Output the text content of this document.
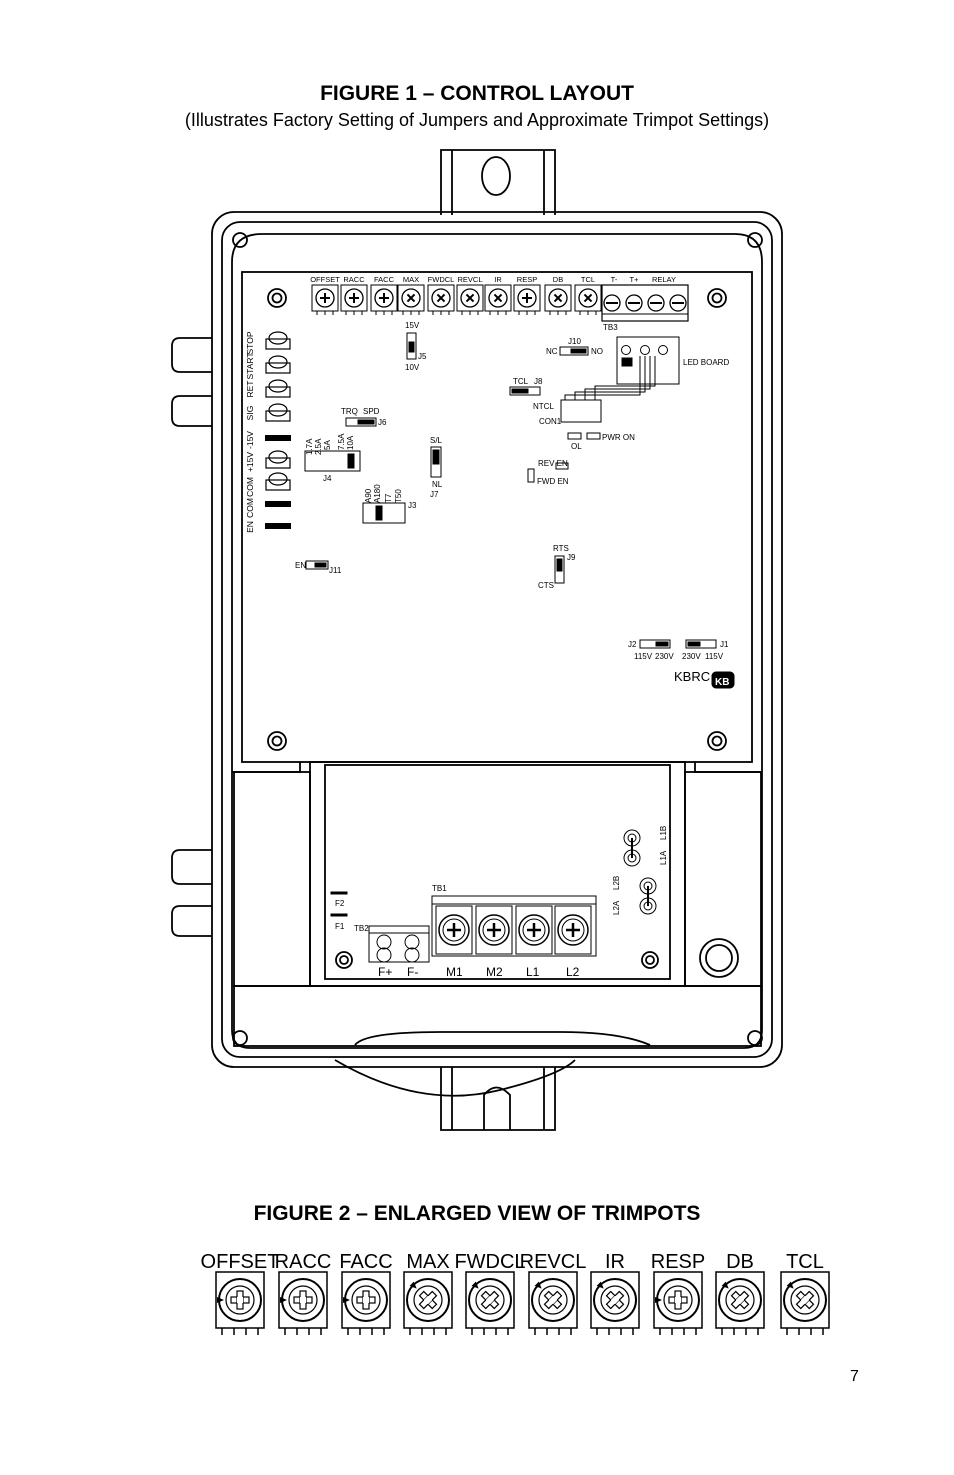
FIGURE 1 – CONTROL LAYOUT
(Illustrates Factory Setting of Jumpers and Approximate Trimpot Settings)
OFFSET RACC FACC MAX FWDCL REVCL IR RESP DB TCL T- T+ RELAY
STOP
START
RET
SIG
-15V
+15V
COM
COM
EN
15V
J5
10V
J10
NC	NO
LED BOARD
TCL J8
NTCL
CON1
OL
PWR ON
TRQ SPD
J6
J4
S/L
NL
J7
REV EN
FWD EN
J3
EN
J11
RTS
J9
CTS
J2
115V 230V
J1
230V 115V
TB3
TB1
TB2
F1
F2
1.7A 2.5A 5A 7.5A 10A
A90 A180 T7 T50
L2A
L2B
L1A
L1B
KBRC KB
F+ F- M1 M2 L1 L2
FIGURE 2 – ENLARGED VIEW OF TRIMPOTS
OFFSET
RACC FACC MAX FWDCL
REVCL IR RESP DB TCL
7
